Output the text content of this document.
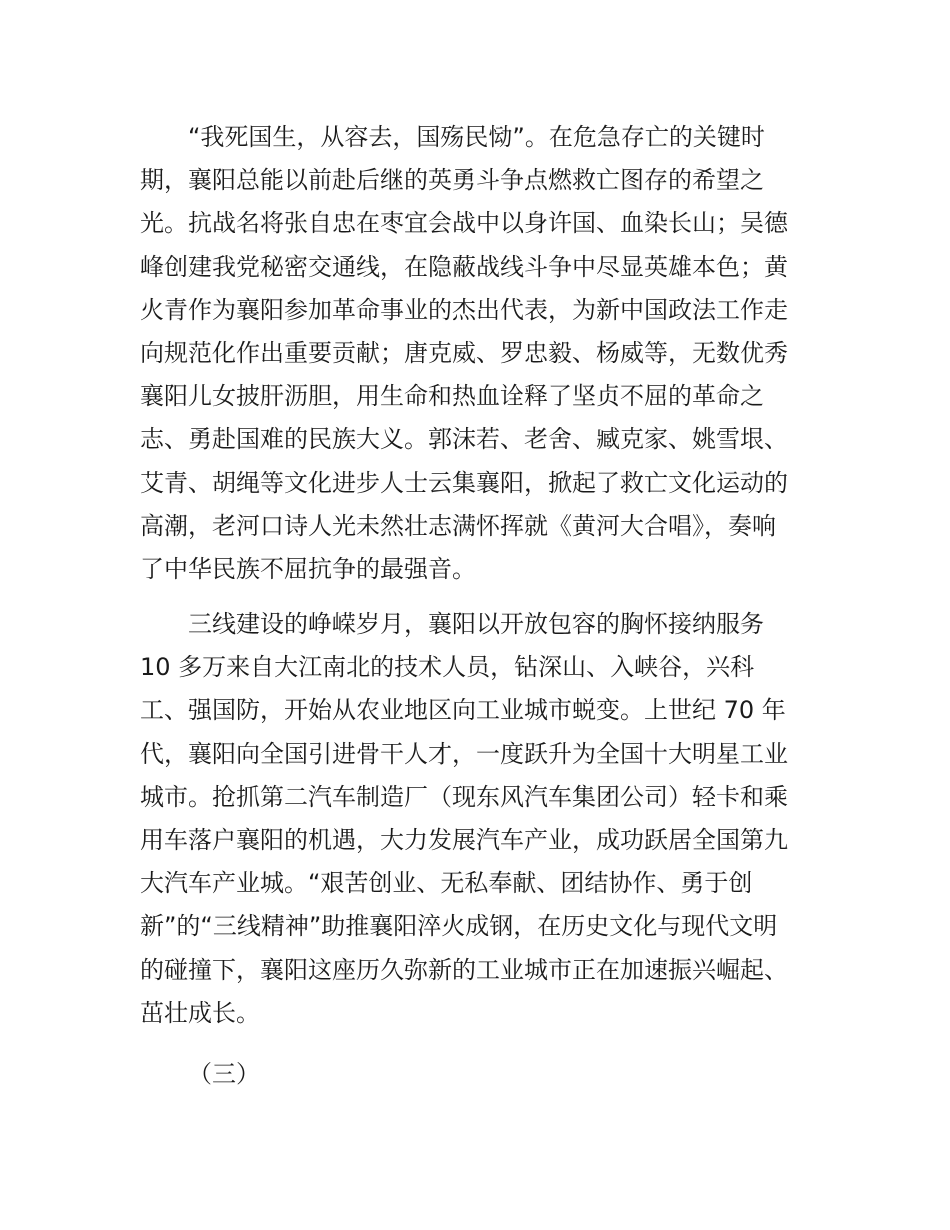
“我死国生，从容去，国殇民恸”。在危急存亡的关键时
期，襄阳总能以前赴后继的英勇斗争点燃救亡图存的希望之
光。抗战名将张自忠在枣宜会战中以身许国、血染长山；吴德
峰创建我党秘密交通线，在隐蔽战线斗争中尽显英雄本色；黄
火青作为襄阳参加革命事业的杰出代表，为新中国政法工作走
向规范化作出重要贡献；唐克威、罗忠毅、杨威等，无数优秀
襄阳儿女披肝沥胆，用生命和热血诠释了坚贞不屈的革命之
志、勇赴国难的民族大义。郭沫若、老舍、臧克家、姚雪垠、
艾青、胡绳等文化进步人士云集襄阳，掀起了救亡文化运动的
高潮，老河口诗人光未然壮志满怀挥就《黄河大合唱》，奏响
了中华民族不屈抗争的最强音。
三线建设的峥嵘岁月，襄阳以开放包容的胸怀接纳服务
10 多万来自大江南北的技术人员，钻深山、入峡谷，兴科
工、强国防，开始从农业地区向工业城市蜕变。上世纪 70 年
代，襄阳向全国引进骨干人才，一度跃升为全国十大明星工业
城市。抢抓第二汽车制造厂（现东风汽车集团公司）轻卡和乘
用车落户襄阳的机遇，大力发展汽车产业，成功跃居全国第九
大汽车产业城。“艰苦创业、无私奉献、团结协作、勇于创
新”的“三线精神”助推襄阳淬火成钢，在历史文化与现代文明
的碰撞下，襄阳这座历久弥新的工业城市正在加速振兴崛起、
茁壮成长。
（三）
